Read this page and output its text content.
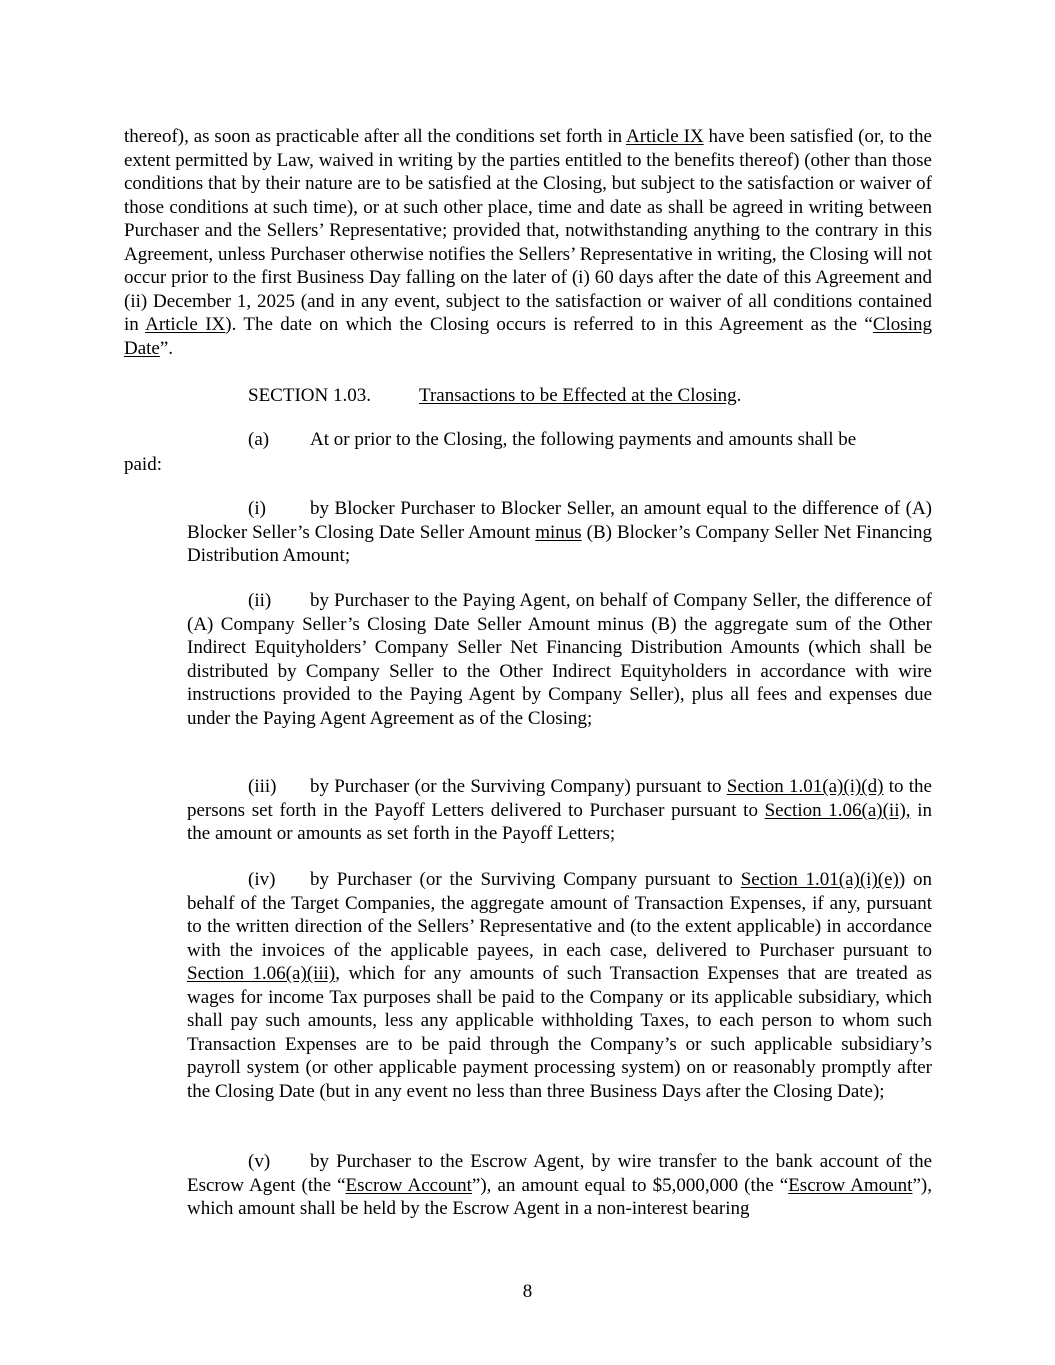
thereof), as soon as practicable after all the conditions set forth in Article IX have been satisfied (or, to the extent permitted by Law, waived in writing by the parties entitled to the benefits thereof) (other than those conditions that by their nature are to be satisfied at the Closing, but subject to the satisfaction or waiver of those conditions at such time), or at such other place, time and date as shall be agreed in writing between Purchaser and the Sellers’ Representative; provided that, notwithstanding anything to the contrary in this Agreement, unless Purchaser otherwise notifies the Sellers’ Representative in writing, the Closing will not occur prior to the first Business Day falling on the later of (i) 60 days after the date of this Agreement and (ii) December 1, 2025 (and in any event, subject to the satisfaction or waiver of all conditions contained in Article IX). The date on which the Closing occurs is referred to in this Agreement as the “Closing Date”.

SECTION 1.03.	Transactions to be Effected at the Closing.
(a) At or prior to the Closing, the following payments and amounts shall be
paid:

(i) by Blocker Purchaser to Blocker Seller, an amount equal to the difference of (A) Blocker Seller’s Closing Date Seller Amount minus (B) Blocker’s Company Seller Net Financing Distribution Amount;

(ii) by Purchaser to the Paying Agent, on behalf of Company Seller, the difference of (A) Company Seller’s Closing Date Seller Amount minus (B) the aggregate sum of the Other Indirect Equityholders’ Company Seller Net Financing Distribution Amounts (which shall be distributed by Company Seller to the Other Indirect Equityholders in accordance with wire instructions provided to the Paying Agent by Company Seller), plus all fees and expenses due under the Paying Agent Agreement as of the Closing;

(iii) by Purchaser (or the Surviving Company) pursuant to Section 1.01(a)(i)(d) to the persons set forth in the Payoff Letters delivered to Purchaser pursuant to Section 1.06(a)(ii), in the amount or amounts as set forth in the Payoff Letters;

(iv) by Purchaser (or the Surviving Company pursuant to Section 1.01(a)(i)(e)) on behalf of the Target Companies, the aggregate amount of Transaction Expenses, if any, pursuant to the written direction of the Sellers’ Representative and (to the extent applicable) in accordance with the invoices of the applicable payees, in each case, delivered to Purchaser pursuant to Section 1.06(a)(iii), which for any amounts of such Transaction Expenses that are treated as wages for income Tax purposes shall be paid to the Company or its applicable subsidiary, which shall pay such amounts, less any applicable withholding Taxes, to each person to whom such Transaction Expenses are to be paid through the Company’s or such applicable subsidiary’s payroll system (or other applicable payment processing system) on or reasonably promptly after the Closing Date (but in any event no less than three Business Days after the Closing Date);

(v) by Purchaser to the Escrow Agent, by wire transfer to the bank account of the Escrow Agent (the “Escrow Account”), an amount equal to $5,000,000 (the “Escrow Amount”), which amount shall be held by the Escrow Agent in a non-interest bearing

8
